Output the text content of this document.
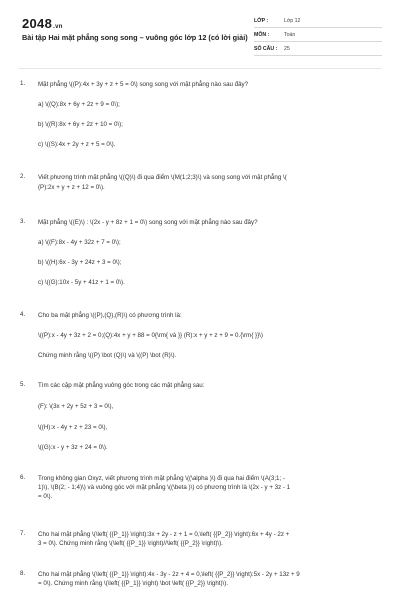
2048.vn
Bài tập Hai mặt phẳng song song – vuông góc lớp 12 (có lời giải)
LỚP :	Lớp 12
MÔN :	Toán
SỐ CÂU :	25
1. Mặt phẳng \((P):4x + 3y + z + 5 = 0\) song song với mặt phẳng nào sau đây?
a) \((Q):8x + 6y + 2z + 9 = 0\);
b) \((R):8x + 6y + 2z + 10 = 0\);
c) \((S):4x + 2y + z + 5 = 0\).
2. Viết phương trình mặt phẳng \((Q)\) đi qua điểm \(M(1;2;3)\) và song song với mặt phẳng \(
(P):2x + y + z + 12 = 0\).
3. Mặt phẳng \((E)\) : \(2x - y + 8z + 1 = 0\) song song với mặt phẳng nào sau đây?
a) \((F):8x - 4y + 32z + 7 = 0\);
b) \((H):6x - 3y + 24z + 3 = 0\);
c) \((G):10x - 5y + 41z + 1 = 0\).
4. Cho ba mặt phẳng \((P),(Q),(R)\) có phương trình là:
\((P):x - 4y + 3z + 2 = 0;(Q):4x + y + 88 = 0{\rm{ và }} (R):x + y + z + 9 = 0.{\rm{ }}\)
Chứng minh rằng \((P) \bot (Q)\) và \((P) \bot (R)\).
5. Tìm các cặp mặt phẳng vuông góc trong các mặt phẳng sau:
(F): \(3x + 2y + 5z + 3 = 0\),
\((H):x - 4y + z + 23 = 0\),
\((G):x - y + 3z + 24 = 0\).
6. Trong không gian Oxyz, viết phương trình mặt phẳng \((\alpha )\) đi qua hai điểm \(A(3;1; -
1)\), \(B(2; - 1;4)\) và vuông góc với mặt phẳng \((\beta )\) có phương trình là \(2x - y + 3z - 1
= 0\).
7. Cho hai mặt phẳng \(\left( {{P_1}} \right):3x + 2y - z + 1 = 0,\left( {{P_2}} \right):6x + 4y - 2z +
3 = 0\). Chứng minh rằng \(\left( {{P_1}} \right)//\left( {{P_2}} \right)\).
8. Cho hai mặt phẳng \(\left( {{P_1}} \right):4x - 3y - 2z + 4 = 0,\left( {{P_2}} \right):5x - 2y + 13z + 9
= 0\). Chứng minh rằng \(\left( {{P_1}} \right) \bot \left( {{P_2}} \right)\).
